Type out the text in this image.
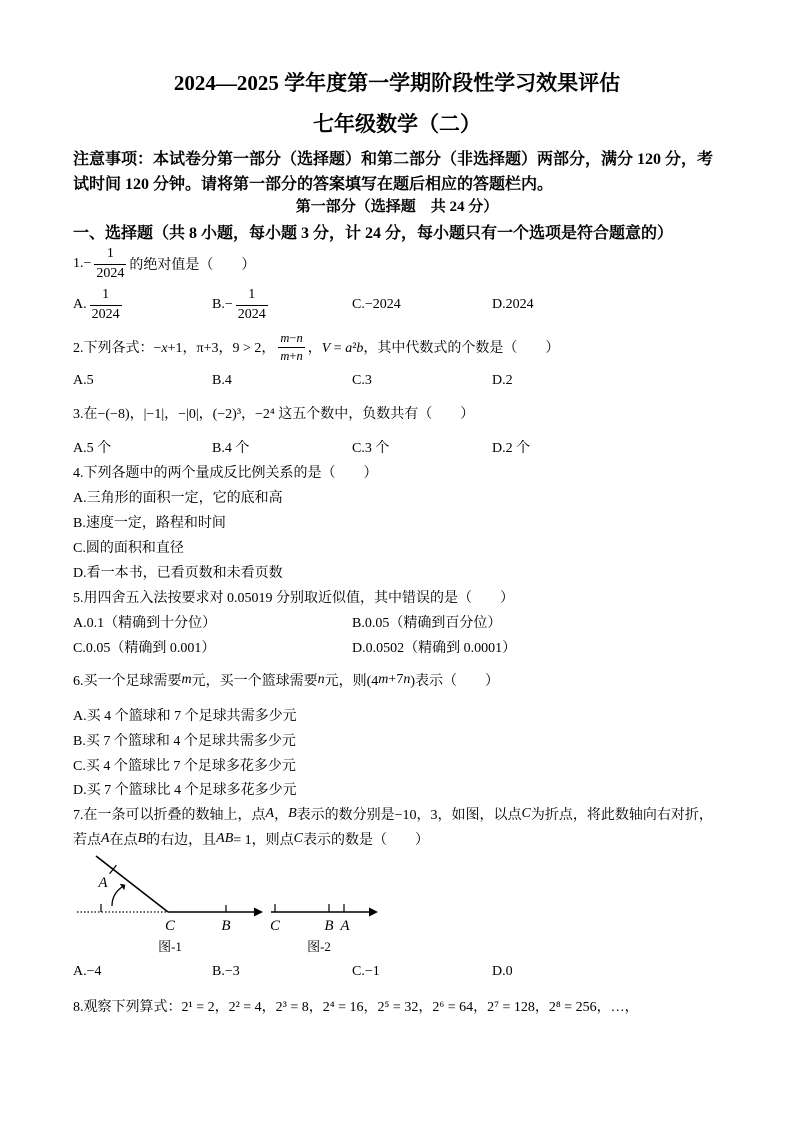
2024—2025 学年度第一学期阶段性学习效果评估
七年级数学（二）
注意事项：本试卷分第一部分（选择题）和第二部分（非选择题）两部分，满分 120 分，考
试时间 120 分钟。请将第一部分的答案填写在题后相应的答题栏内。
第一部分（选择题　共 24 分）
一、选择题（共 8 小题，每小题 3 分，计 24 分，每小题只有一个选项是符合题意的）
$1.- \frac{1}{2024}$ 的绝对值是（　　）
A. $\frac{1}{2024}$	$B.- \frac{1}{2024}$	C.−2024	D.2024
2.下列各式： −x+1，π+3，9 > 2， $\frac{m-n}{m+n}$ ，V = a²b，其中代数式的个数是（　　）
A.5	B.4	C.3	D.2
3.在−(−8)，|−1|，−|0|，(−2)³，−2⁴ 这五个数中，负数共有（　　）
A.5 个	B.4 个	C.3 个	D.2 个
4.下列各题中的两个量成反比例关系的是（　　）
A.三角形的面积一定，它的底和高
B.速度一定，路程和时间
C.圆的面积和直径
D.看一本书，已看页数和未看页数
5.用四舍五入法按要求对 0.05019 分别取近似值，其中错误的是（　　）
A.0.1（精确到十分位）	B.0.05（精确到百分位）
C.0.05（精确到 0.001）	D.0.0502（精确到 0.0001）
6.买一个足球需要 m 元，买一个篮球需要 n 元，则(4 m +7 n )表示（　　）
A.买 4 个篮球和 7 个足球共需多少元
B.买 7 个篮球和 4 个足球共需多少元
C.买 4 个篮球比 7 个足球多花多少元
D.买 7 个篮球比 4 个足球多花多少元
7.在一条可以折叠的数轴上，点 A ， B 表示的数分别是−10，3，如图，以点 C 为折点，将此数轴向右对折，
若点 A 在点 B 的右边，且 A B = 1，则点 C 表示的数是（　　）
A
C	B
图-1
C	B A
图-2
A.−4	B.−3	C.−1	D.0
8.观察下列算式：2¹ = 2，2² = 4，2³ = 8，2⁴ = 16，2⁵ = 32，2⁶ = 64，2⁷ = 128，2⁸ = 256，…，
